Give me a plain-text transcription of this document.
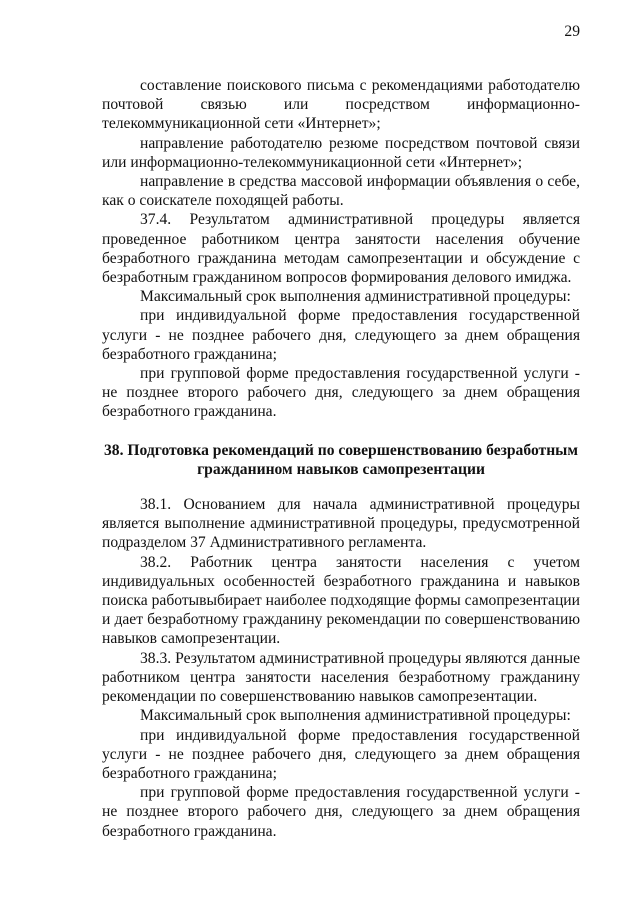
29

составление поискового письма с рекомендациями работодателю почтовой связью или посредством информационно-телекоммуникационной сети «Интернет»;

направление работодателю резюме посредством почтовой связи или информационно-телекоммуникационной сети «Интернет»;

направление в средства массовой информации объявления о себе, как о соискателе походящей работы.

37.4. Результатом административной процедуры является проведенное работником центра занятости населения обучение безработного гражданина методам самопрезентации и обсуждение с безработным гражданином вопросов формирования делового имиджа.

Максимальный срок выполнения административной процедуры:

при индивидуальной форме предоставления государственной услуги - не позднее рабочего дня, следующего за днем обращения безработного гражданина;

при групповой форме предоставления государственной услуги - не позднее второго рабочего дня, следующего за днем обращения безработного гражданина.

38. Подготовка рекомендаций по совершенствованию безработным
гражданином навыков самопрезентации

38.1. Основанием для начала административной процедуры является выполнение административной процедуры, предусмотренной подразделом 37 Административного регламента.

38.2. Работник центра занятости населения с учетом индивидуальных особенностей безработного гражданина и навыков поиска работывыбирает наиболее подходящие формы самопрезентации и дает безработному гражданину рекомендации по совершенствованию навыков самопрезентации.

38.3. Результатом административной процедуры являются данные работником центра занятости населения безработному гражданину рекомендации по совершенствованию навыков самопрезентации.

Максимальный срок выполнения административной процедуры:

при индивидуальной форме предоставления государственной услуги - не позднее рабочего дня, следующего за днем обращения безработного гражданина;

при групповой форме предоставления государственной услуги - не позднее второго рабочего дня, следующего за днем обращения безработного гражданина.
